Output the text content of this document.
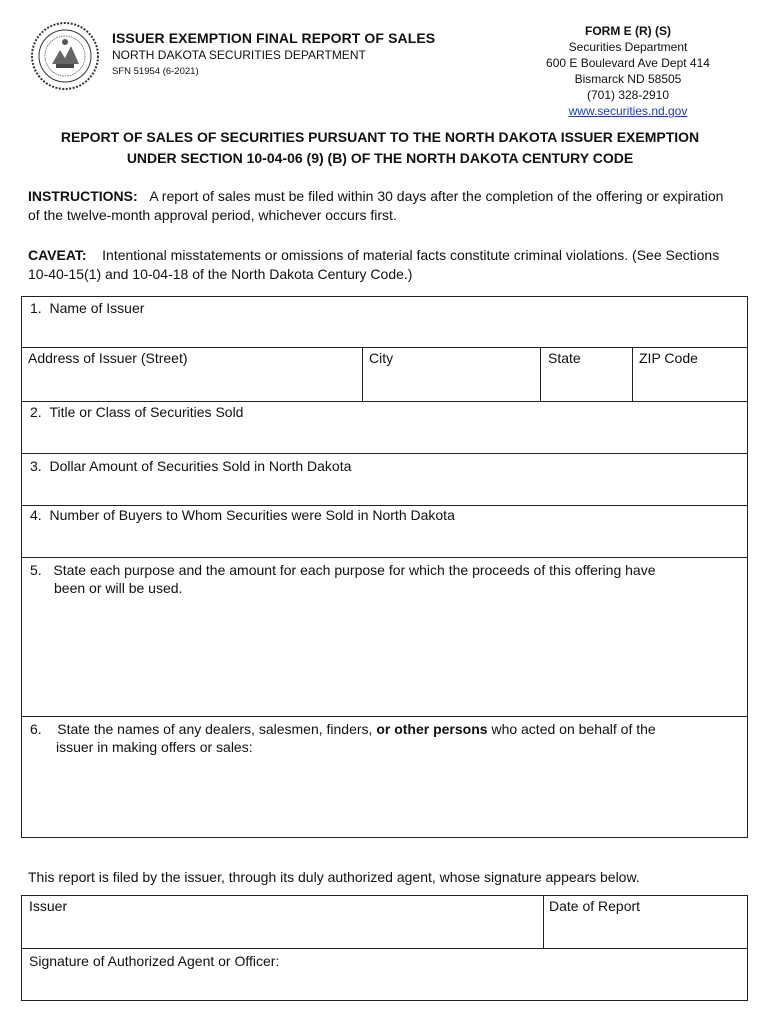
ISSUER EXEMPTION FINAL REPORT OF SALES
NORTH DAKOTA SECURITIES DEPARTMENT
SFN 51954 (6-2021)
FORM E (R) (S)
Securities Department
600 E Boulevard Ave Dept 414
Bismarck ND 58505
(701) 328-2910
www.securities.nd.gov
REPORT OF SALES OF SECURITIES PURSUANT TO THE NORTH DAKOTA ISSUER EXEMPTION
UNDER SECTION 10-04-06 (9) (B) OF THE NORTH DAKOTA CENTURY CODE
INSTRUCTIONS: A report of sales must be filed within 30 days after the completion of the offering or expiration of the twelve-month approval period, whichever occurs first.
CAVEAT: Intentional misstatements or omissions of material facts constitute criminal violations. (See Sections 10-40-15(1) and 10-04-18 of the North Dakota Century Code.)
1. Name of Issuer
Address of Issuer (Street)	City	State	ZIP Code
2. Title or Class of Securities Sold
3. Dollar Amount of Securities Sold in North Dakota
4. Number of Buyers to Whom Securities were Sold in North Dakota
5. State each purpose and the amount for each purpose for which the proceeds of this offering have
been or will be used.
6. State the names of any dealers, salesmen, finders, or other persons who acted on behalf of the
issuer in making offers or sales:
This report is filed by the issuer, through its duly authorized agent, whose signature appears below.
Issuer	Date of Report
Signature of Authorized Agent or Officer:
